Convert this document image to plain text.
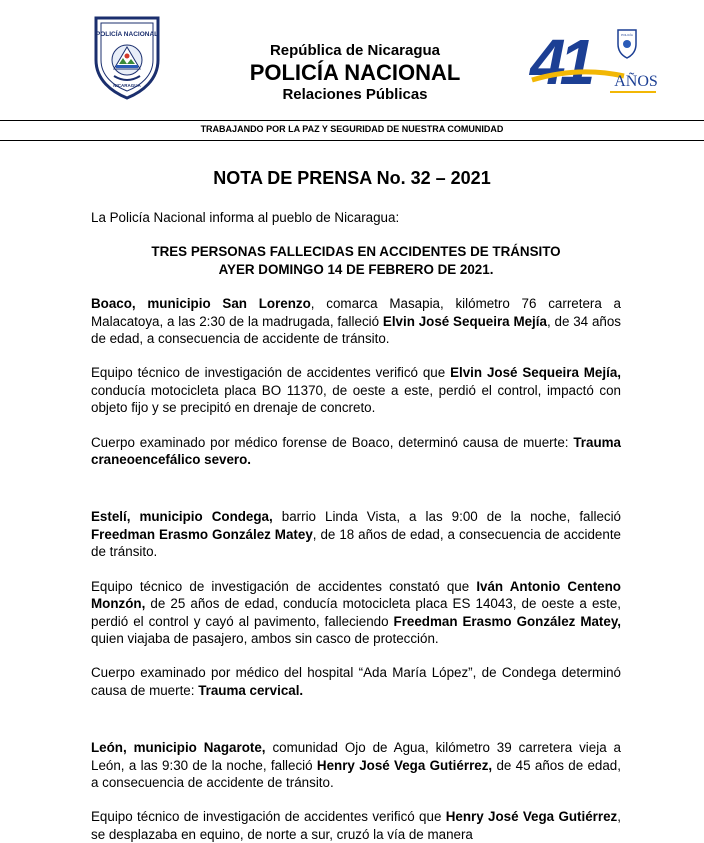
POLICÍA NACIONAL
NICARAGUA
República de Nicaragua
POLICÍA NACIONAL
Relaciones Públicas	41	POLICÍA
AÑOS
TRABAJANDO POR LA PAZ Y SEGURIDAD DE NUESTRA COMUNIDAD
NOTA DE PRENSA No. 32 – 2021

La Policía Nacional informa al pueblo de Nicaragua:

TRES PERSONAS FALLECIDAS EN ACCIDENTES DE TRÁNSITO
AYER DOMINGO 14 DE FEBRERO DE 2021.

Boaco, municipio San Lorenzo, comarca Masapia, kilómetro 76 carretera a Malacatoya, a las 2:30 de la madrugada, falleció Elvin José Sequeira Mejía, de 34 años de edad, a consecuencia de accidente de tránsito.

Equipo técnico de investigación de accidentes verificó que Elvin José Sequeira Mejía, conducía motocicleta placa BO 11370, de oeste a este, perdió el control, impactó con objeto fijo y se precipitó en drenaje de concreto.

Cuerpo examinado por médico forense de Boaco, determinó causa de muerte: Trauma craneoencefálico severo.

Estelí, municipio Condega, barrio Linda Vista, a las 9:00 de la noche, falleció Freedman Erasmo González Matey, de 18 años de edad, a consecuencia de accidente de tránsito.

Equipo técnico de investigación de accidentes constató que Iván Antonio Centeno Monzón, de 25 años de edad, conducía motocicleta placa ES 14043, de oeste a este, perdió el control y cayó al pavimento, falleciendo Freedman Erasmo González Matey, quien viajaba de pasajero, ambos sin casco de protección.

Cuerpo examinado por médico del hospital “Ada María López”, de Condega determinó causa de muerte: Trauma cervical.

León, municipio Nagarote, comunidad Ojo de Agua, kilómetro 39 carretera vieja a León, a las 9:30 de la noche, falleció Henry José Vega Gutiérrez, de 45 años de edad, a consecuencia de accidente de tránsito.

Equipo técnico de investigación de accidentes verificó que Henry José Vega Gutiérrez, se desplazaba en equino, de norte a sur, cruzó la vía de manera
